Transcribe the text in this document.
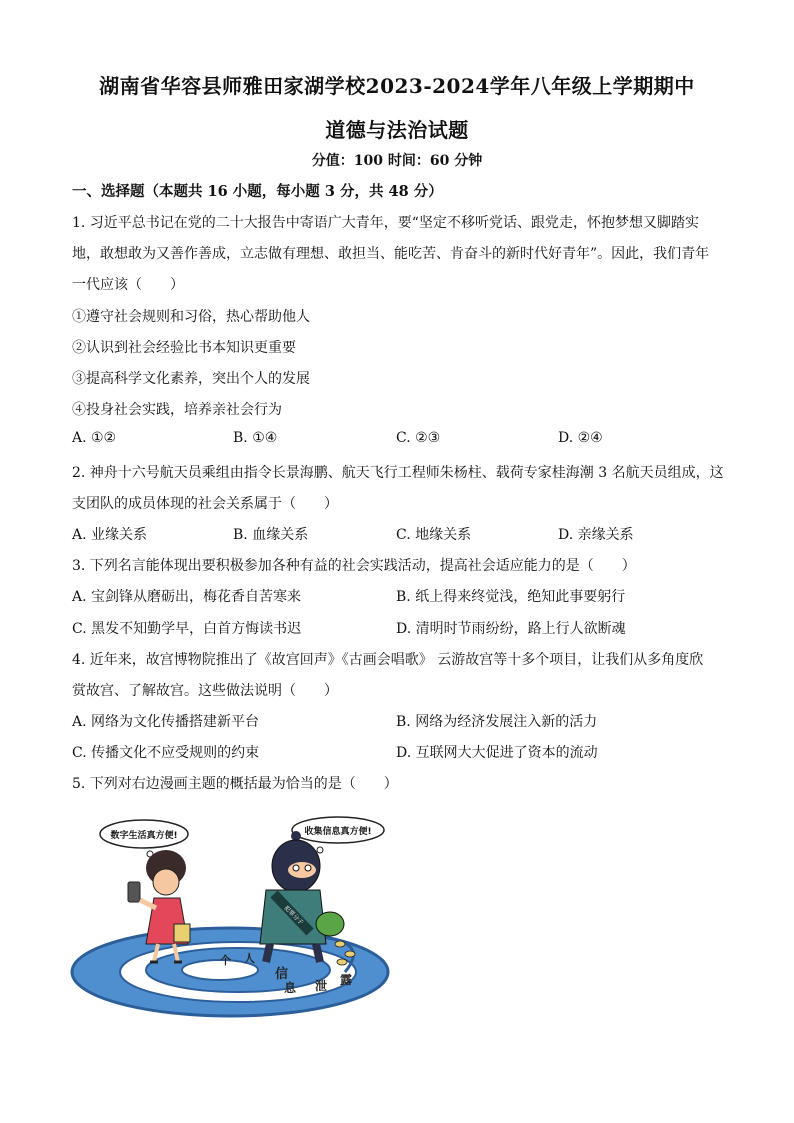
湖南省华容县师雅田家湖学校2023-2024学年八年级上学期期中
道德与法治试题
分值：100 时间：60 分钟
一、选择题（本题共 16 小题，每小题 3 分，共 48 分）
1. 习近平总书记在党的二十大报告中寄语广大青年，要“坚定不移听党话、跟党走，怀抱梦想又脚踏实
地，敢想敢为又善作善成，立志做有理想、敢担当、能吃苦、肯奋斗的新时代好青年”。因此，我们青年
一代应该（　　）
①遵守社会规则和习俗，热心帮助他人
②认识到社会经验比书本知识更重要
③提高科学文化素养，突出个人的发展
④投身社会实践，培养亲社会行为
A. ①②	B. ①④	C. ②③	D. ②④
2. 神舟十六号航天员乘组由指令长景海鹏、航天飞行工程师朱杨柱、载荷专家桂海潮 3 名航天员组成，这
支团队的成员体现的社会关系属于（　　）
A. 业缘关系	B. 血缘关系	C. 地缘关系	D. 亲缘关系
3. 下列名言能体现出要积极参加各种有益的社会实践活动，提高社会适应能力的是（　　）
A. 宝剑锋从磨砺出，梅花香自苦寒来	B. 纸上得来终觉浅，绝知此事要躬行
C. 黑发不知勤学早，白首方悔读书迟	D. 清明时节雨纷纷，路上行人欲断魂
4. 近年来，故宫博物院推出了《故宫回声》《古画会唱歌》 云游故宫等十多个项目，让我们从多角度欣
赏故宫、了解故宫。这些做法说明（　　）
A. 网络为文化传播搭建新平台	B. 网络为经济发展注入新的活力
C. 传播文化不应受规则的约束	D. 互联网大大促进了资本的流动
5. 下列对右边漫画主题的概括最为恰当的是（　　）
个 人
信
息 泄 露
数字生活真方便!	收集信息真方便!
犯罪分子
